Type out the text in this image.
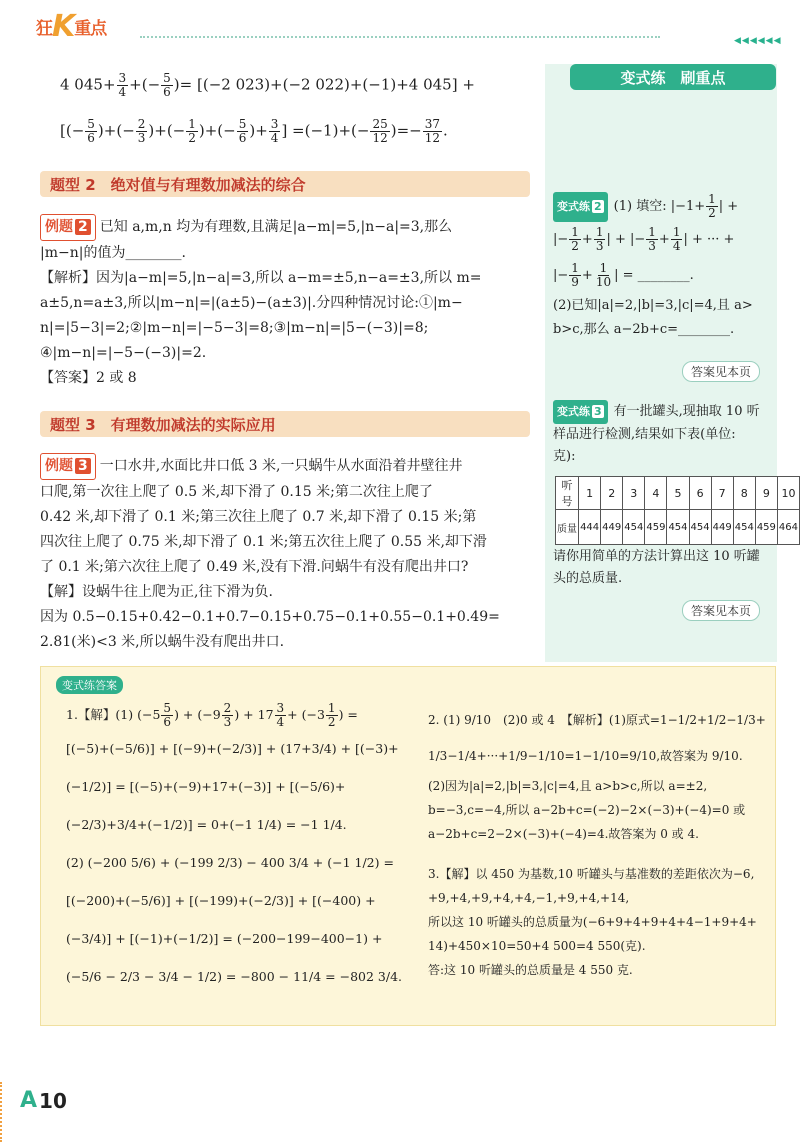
狂 K 重点
◀◀◀◀◀◀
4 $045+ \frac{3}{4}$ +(− $\frac{5}{6}$ )= [(−2 023)+(−2 022)+(−1)+4 045] +
[(− $\frac{5}{6}$ )+(− $\frac{2}{3}$ )+(− $\frac{1}{2}$ )+(− $\frac{5}{6}$ )+ $\frac{3}{4}$ ] $=(-1)+(- \frac{25}{12}$ )=− $\frac{37}{12}$ .
题型 2　绝对值与有理数加减法的综合
例题 2 已知 a,m,n 均为有理数,且满足|a−m|=5,|n−a|=3,那么
|m−n|的值为________.
【解析】因为|a−m|=5,|n−a|=3,所以 a−m=±5,n−a=±3,所以 m=
a±5,n=a±3,所以|m−n|=|(a±5)−(a±3)|.分四种情况讨论:①|m−
n|=|5−3|=2;②|m−n|=|−5−3|=8;③|m−n|=|5−(−3)|=8;
④|m−n|=|−5−(−3)|=2.
【答案】2 或 8
题型 3　有理数加减法的实际应用
例题 3 一口水井,水面比井口低 3 米,一只蜗牛从水面沿着井壁往井
口爬,第一次往上爬了 0.5 米,却下滑了 0.15 米;第二次往上爬了
0.42 米,却下滑了 0.1 米;第三次往上爬了 0.7 米,却下滑了 0.15 米;第
四次往上爬了 0.75 米,却下滑了 0.1 米;第五次往上爬了 0.55 米,却下滑
了 0.1 米;第六次往上爬了 0.49 米,没有下滑.问蜗牛有没有爬出井口?
【解】设蜗牛往上爬为正,往下滑为负.
因为 0.5−0.15+0.42−0.1+0.7−0.15+0.75−0.1+0.55−0.1+0.49=
2.81(米)<3 米,所以蜗牛没有爬出井口.
变式练　刷重点
变式练 2 (1) 填空: $|-1+ \frac{1}{2}$ | +
|− $\frac{1}{2} + \frac{1}{3}$ | + |− $\frac{1}{3} + \frac{1}{4}$ | + ··· +
|− $\frac{1}{9} + \frac{1}{10}$ | = ________.
(2)已知|a|=2,|b|=3,|c|=4,且 a>
b>c,那么 a−2b+c=________.
答案见本页
变式练 3 有一批罐头,现抽取 10 听
样品进行检测,结果如下表(单位:
克):
听号	1	2	3	4	5	6	7	8	9	10
质量	444	449	454	459	454	454	449	454	459	464
请你用简单的方法计算出这 10 听罐
头的总质量.
答案见本页
变式练答案
1.【解】(1) ($-5 \frac{5}{6}$ ) + ($-9 \frac{2}{3}$ ) + $17 \frac{3}{4} + (-3 \frac{1}{2}$ ) =
[(−5)+(−5/6)] + [(−9)+(−2/3)] + (17+3/4) + [(−3)+
(−1/2)] = [(−5)+(−9)+17+(−3)] + [(−5/6)+
(−2/3)+3/4+(−1/2)] = 0+(−1 1/4) = −1 1/4.
(2) (−200 5/6) + (−199 2/3) − 400 3/4 + (−1 1/2) =
[(−200)+(−5/6)] + [(−199)+(−2/3)] + [(−400) +
(−3/4)] + [(−1)+(−1/2)] = (−200−199−400−1) +
(−5/6 − 2/3 − 3/4 − 1/2) = −800 − 11/4 = −802 3/4.
2. (1) 9/10　(2)0 或 4　【解析】(1)原式=1−1/2+1/2−1/3+
1/3−1/4+···+1/9−1/10=1−1/10=9/10,故答案为 9/10.
(2)因为|a|=2,|b|=3,|c|=4,且 a>b>c,所以 a=±2,
b=−3,c=−4,所以 a−2b+c=(−2)−2×(−3)+(−4)=0 或
a−2b+c=2−2×(−3)+(−4)=4.故答案为 0 或 4.
3.【解】以 450 为基数,10 听罐头与基准数的差距依次为−6,
+9,+4,+9,+4,+4,−1,+9,+4,+14,
所以这 10 听罐头的总质量为(−6+9+4+9+4+4−1+9+4+
14)+450×10=50+4 500=4 550(克).
答:这 10 听罐头的总质量是 4 550 克.
A 10
